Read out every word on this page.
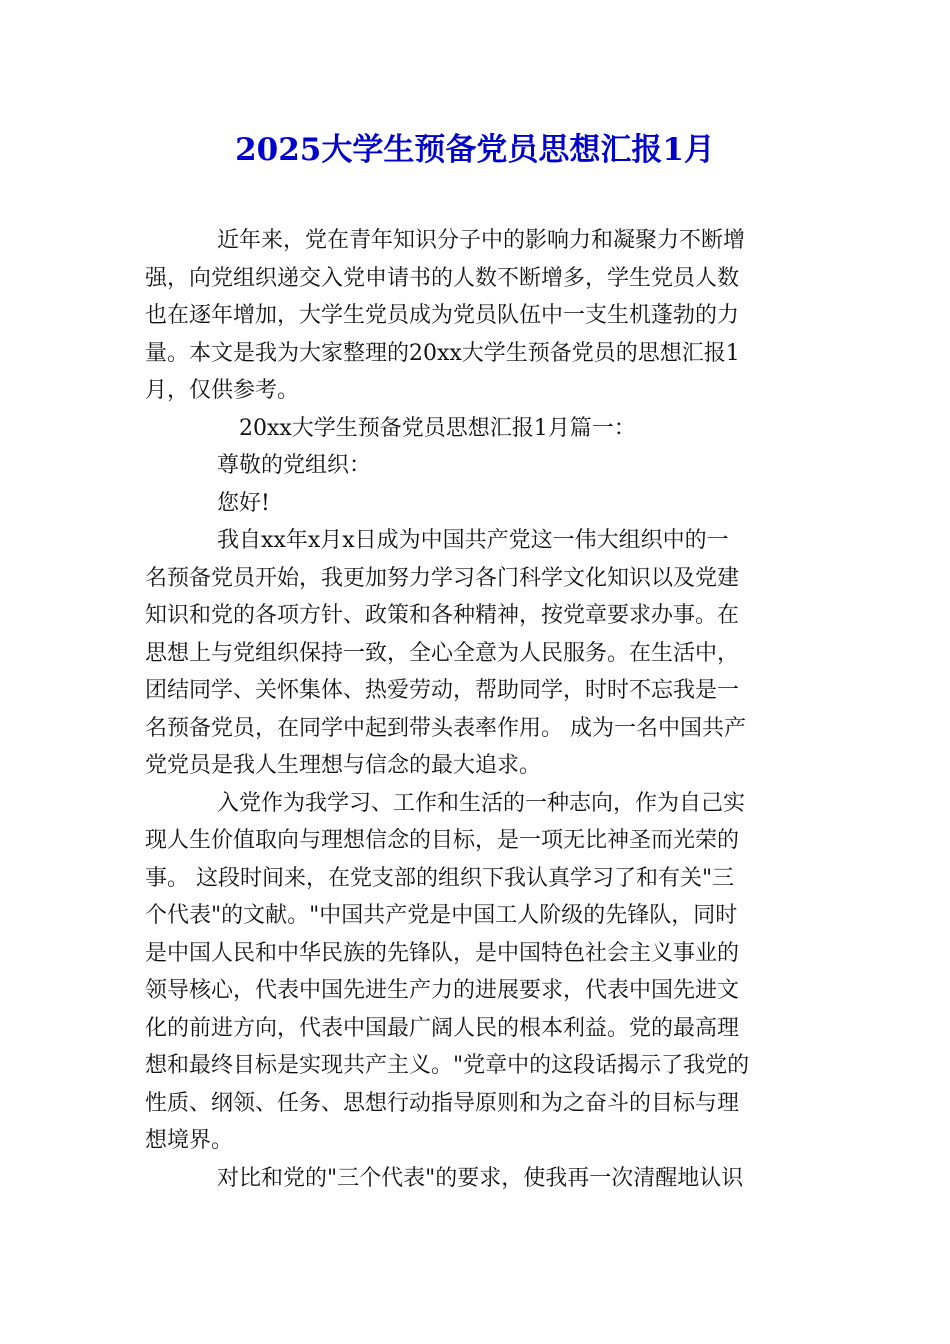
2025大学生预备党员思想汇报1月
近年来，党在青年知识分子中的影响力和凝聚力不断增
强，向党组织递交入党申请书的人数不断增多，学生党员人数
也在逐年增加，大学生党员成为党员队伍中一支生机蓬勃的力
量。本文是我为大家整理的20xx大学生预备党员的思想汇报1
月，仅供参考。
20xx大学生预备党员思想汇报1月篇一：
尊敬的党组织：
您好!
我自xx年x月x日成为中国共产党这一伟大组织中的一
名预备党员开始，我更加努力学习各门科学文化知识以及党建
知识和党的各项方针、政策和各种精神，按党章要求办事。在
思想上与党组织保持一致，全心全意为人民服务。在生活中，
团结同学、关怀集体、热爱劳动，帮助同学，时时不忘我是一
名预备党员，在同学中起到带头表率作用。 成为一名中国共产
党党员是我人生理想与信念的最大追求。
入党作为我学习、工作和生活的一种志向，作为自己实
现人生价值取向与理想信念的目标，是一项无比神圣而光荣的
事。 这段时间来，在党支部的组织下我认真学习了和有关"三
个代表"的文献。"中国共产党是中国工人阶级的先锋队，同时
是中国人民和中华民族的先锋队，是中国特色社会主义事业的
领导核心，代表中国先进生产力的进展要求，代表中国先进文
化的前进方向，代表中国最广阔人民的根本利益。党的最高理
想和最终目标是实现共产主义。"党章中的这段话揭示了我党的
性质、纲领、任务、思想行动指导原则和为之奋斗的目标与理
想境界。
对比和党的"三个代表"的要求，使我再一次清醒地认识
